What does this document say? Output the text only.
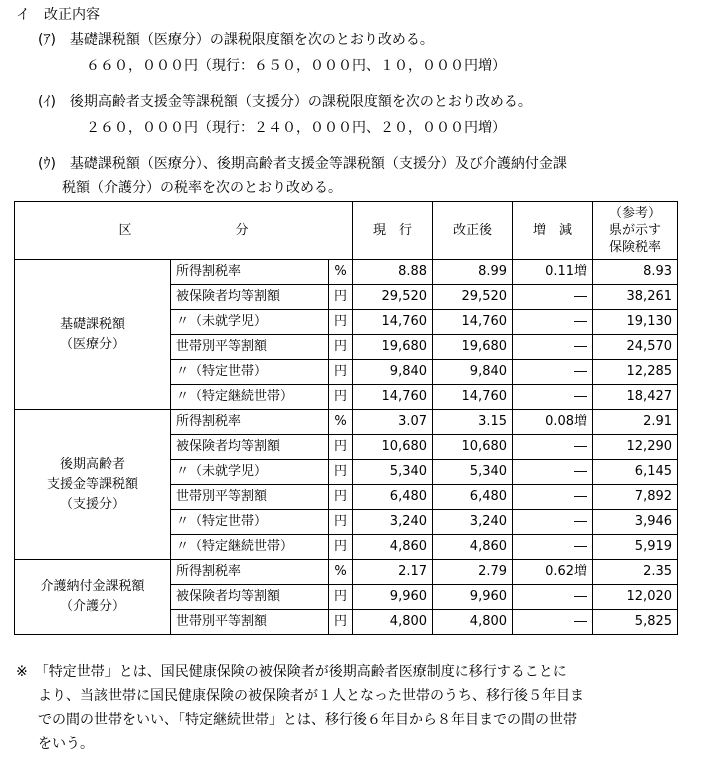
イ　改正内容
(ｱ)　基礎課税額（医療分）の課税限度額を次のとおり改める。
６６０，０００円（現行：６５０，０００円、１０，０００円増）
(ｲ)　後期高齢者支援金等課税額（支援分）の課税限度額を次のとおり改める。
２６０，０００円（現行：２４０，０００円、２０，０００円増）
(ｳ)　基礎課税額（医療分）、後期高齢者支援金等課税額（支援分）及び介護納付金課
税額（介護分）の税率を次のとおり改める。
区　　　　　　　　分			現　行	改正後	増　減	（参考）
県が示す
保険税率

基礎課税額
（医療分）	所得割税率	%	8.88	8.99	0.11増	8.93
	被保険者均等割額	円	29,520	29,520	―	38,261
	〃（未就学児）	円	14,760	14,760	―	19,130
	世帯別平等割額	円	19,680	19,680	―	24,570
	〃（特定世帯）	円	9,840	9,840	―	12,285
	〃（特定継続世帯）	円	14,760	14,760	―	18,427

後期高齢者
支援金等課税額
（支援分）	所得割税率	%	3.07	3.15	0.08増	2.91
	被保険者均等割額	円	10,680	10,680	―	12,290
	〃（未就学児）	円	5,340	5,340	―	6,145
	世帯別平等割額	円	6,480	6,480	―	7,892
	〃（特定世帯）	円	3,240	3,240	―	3,946
	〃（特定継続世帯）	円	4,860	4,860	―	5,919

介護納付金課税額
（介護分）	所得割税率	%	2.17	2.79	0.62増	2.35
	被保険者均等割額	円	9,960	9,960	―	12,020
	世帯別平等割額	円	4,800	4,800	―	5,825
※　「特定世帯」とは、国民健康保険の被保険者が後期高齢者医療制度に移行することに
より、当該世帯に国民健康保険の被保険者が１人となった世帯のうち、移行後５年目ま
での間の世帯をいい、「特定継続世帯」とは、移行後６年目から８年目までの間の世帯
をいう。
